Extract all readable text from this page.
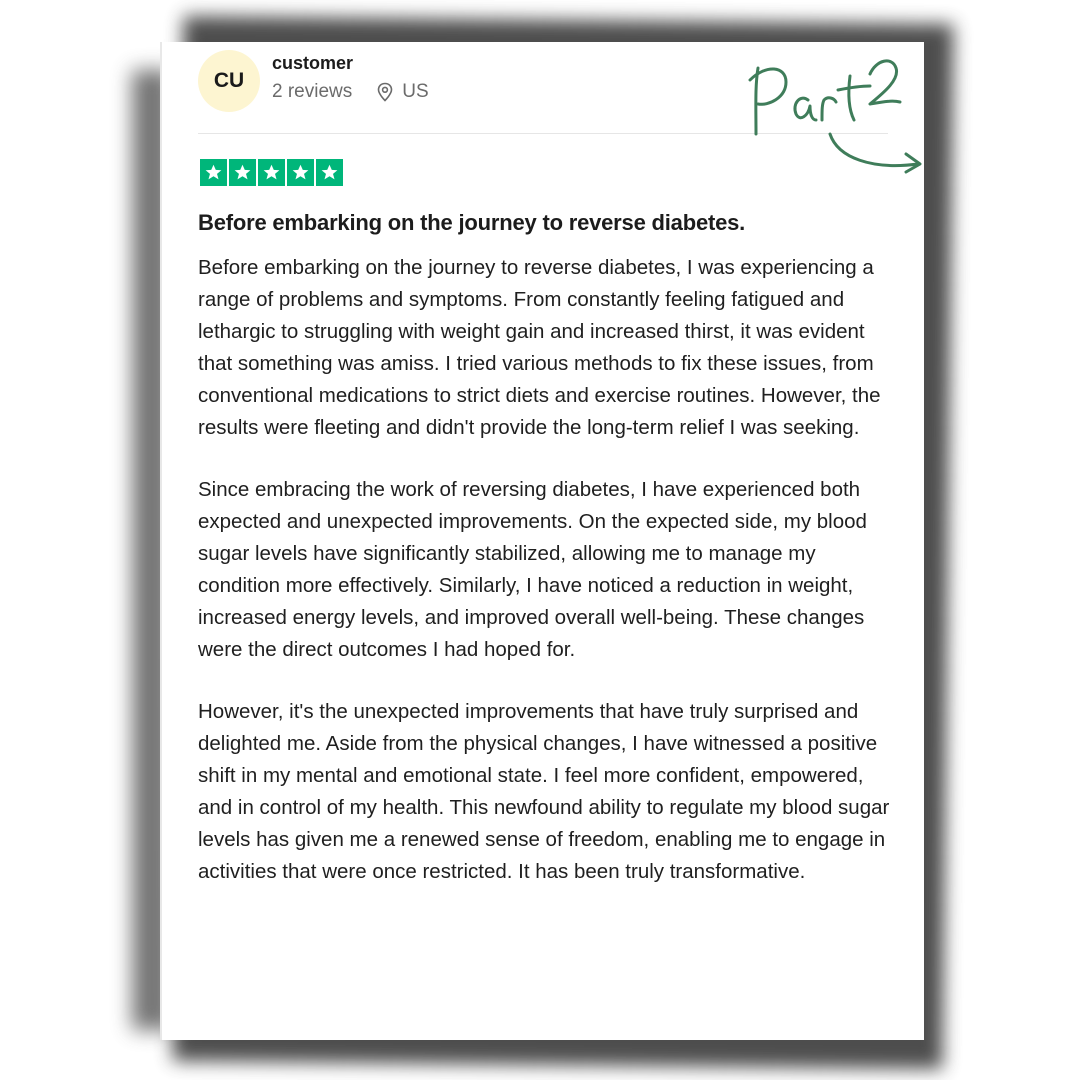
CU
customer
2 reviews	US
Before embarking on the journey to reverse diabetes.

Before embarking on the journey to reverse diabetes, I was experiencing a range of problems and symptoms. From constantly feeling fatigued and lethargic to struggling with weight gain and increased thirst, it was evident that something was amiss. I tried various methods to fix these issues, from conventional medications to strict diets and exercise routines. However, the results were fleeting and didn't provide the long-term relief I was seeking.

Since embracing the work of reversing diabetes, I have experienced both expected and unexpected improvements. On the expected side, my blood sugar levels have significantly stabilized, allowing me to manage my condition more effectively. Similarly, I have noticed a reduction in weight, increased energy levels, and improved overall well-being. These changes were the direct outcomes I had hoped for.

However, it's the unexpected improvements that have truly surprised and delighted me. Aside from the physical changes, I have witnessed a positive shift in my mental and emotional state. I feel more confident, empowered, and in control of my health. This newfound ability to regulate my blood sugar levels has given me a renewed sense of freedom, enabling me to engage in activities that were once restricted. It has been truly transformative.
